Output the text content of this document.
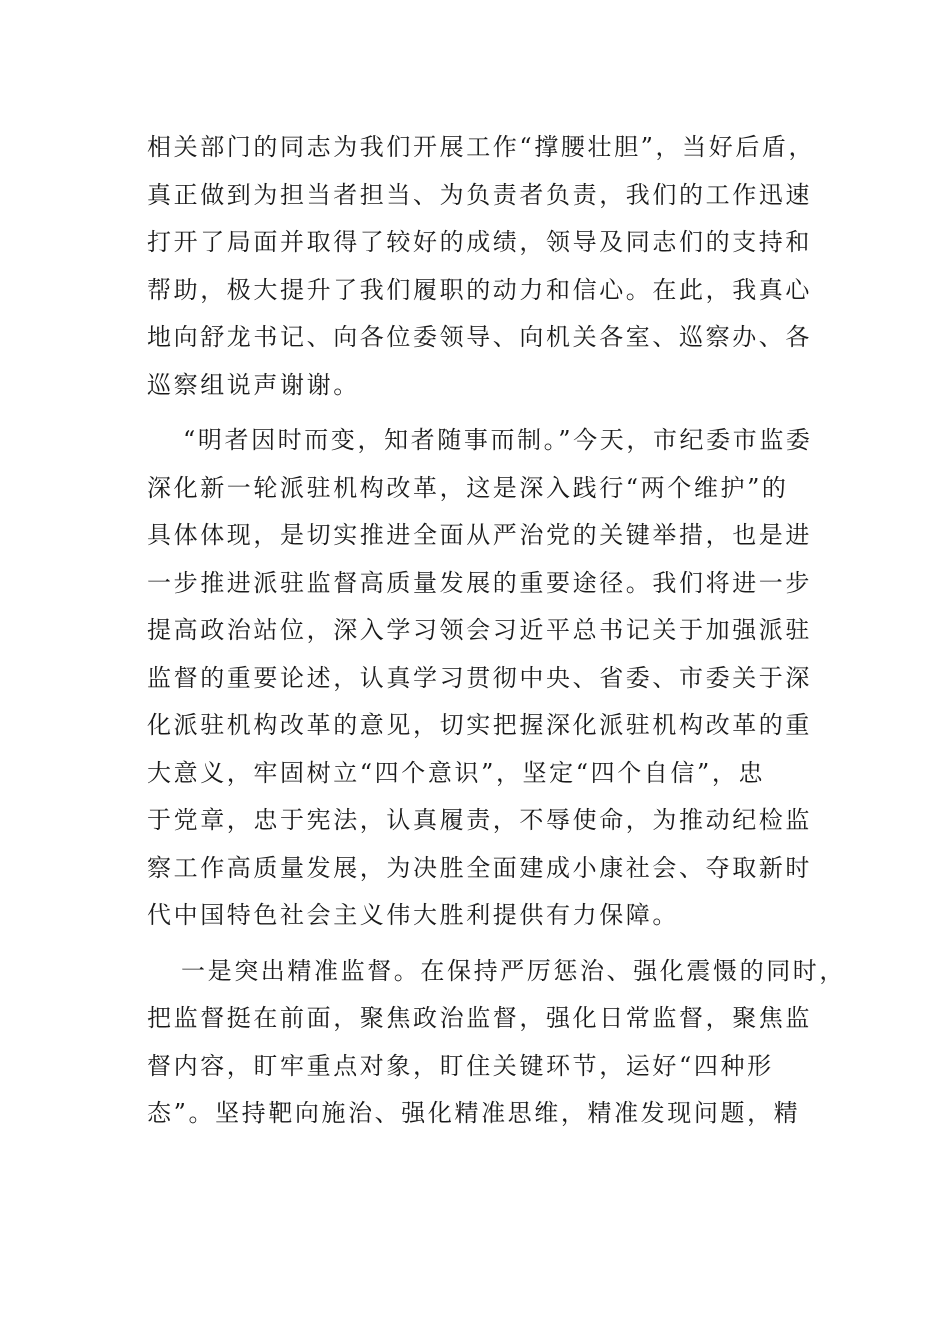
相关部门的同志为我们开展工作“撑腰壮胆”，当好后盾，
真正做到为担当者担当、为负责者负责，我们的工作迅速
打开了局面并取得了较好的成绩，领导及同志们的支持和
帮助，极大提升了我们履职的动力和信心。在此，我真心
地向舒龙书记、向各位委领导、向机关各室、巡察办、各
巡察组说声谢谢。
“明者因时而变，知者随事而制。”今天，市纪委市监委
深化新一轮派驻机构改革，这是深入践行“两个维护”的
具体体现，是切实推进全面从严治党的关键举措，也是进
一步推进派驻监督高质量发展的重要途径。我们将进一步
提高政治站位，深入学习领会习近平总书记关于加强派驻
监督的重要论述，认真学习贯彻中央、省委、市委关于深
化派驻机构改革的意见，切实把握深化派驻机构改革的重
大意义，牢固树立“四个意识”，坚定“四个自信”，忠
于党章，忠于宪法，认真履责，不辱使命，为推动纪检监
察工作高质量发展，为决胜全面建成小康社会、夺取新时
代中国特色社会主义伟大胜利提供有力保障。
一是突出精准监督。在保持严厉惩治、强化震慑的同时，
把监督挺在前面，聚焦政治监督，强化日常监督，聚焦监
督内容，盯牢重点对象，盯住关键环节，运好“四种形
态”。坚持靶向施治、强化精准思维，精准发现问题，精
